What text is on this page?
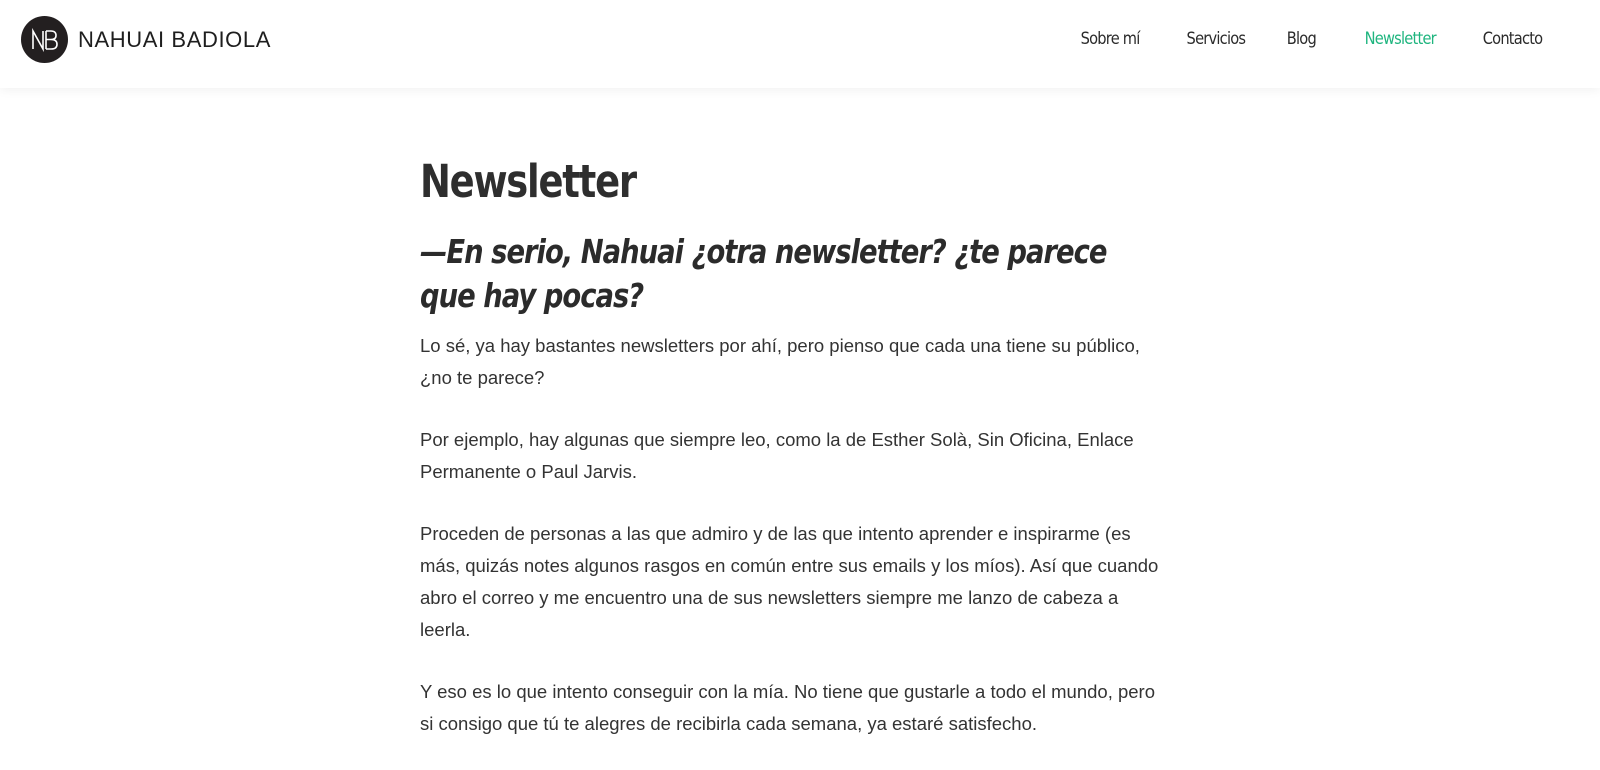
NAHUAI BADIOLA	Sobre mí	Servicios Blog	Newsletter	Contacto
Newsletter
—En serio, Nahuai ¿otra newsletter? ¿te parece que hay pocas?

Lo sé, ya hay bastantes newsletters por ahí, pero pienso que cada una tiene su público, ¿no te parece?

Por ejemplo, hay algunas que siempre leo, como la de Esther Solà, Sin Oficina, Enlace Permanente o Paul Jarvis.

Proceden de personas a las que admiro y de las que intento aprender e inspirarme (es más, quizás notes algunos rasgos en común entre sus emails y los míos). Así que cuando abro el correo y me encuentro una de sus newsletters siempre me lanzo de cabeza a leerla.

Y eso es lo que intento conseguir con la mía. No tiene que gustarle a todo el mundo, pero si consigo que tú te alegres de recibirla cada semana, ya estaré satisfecho.
